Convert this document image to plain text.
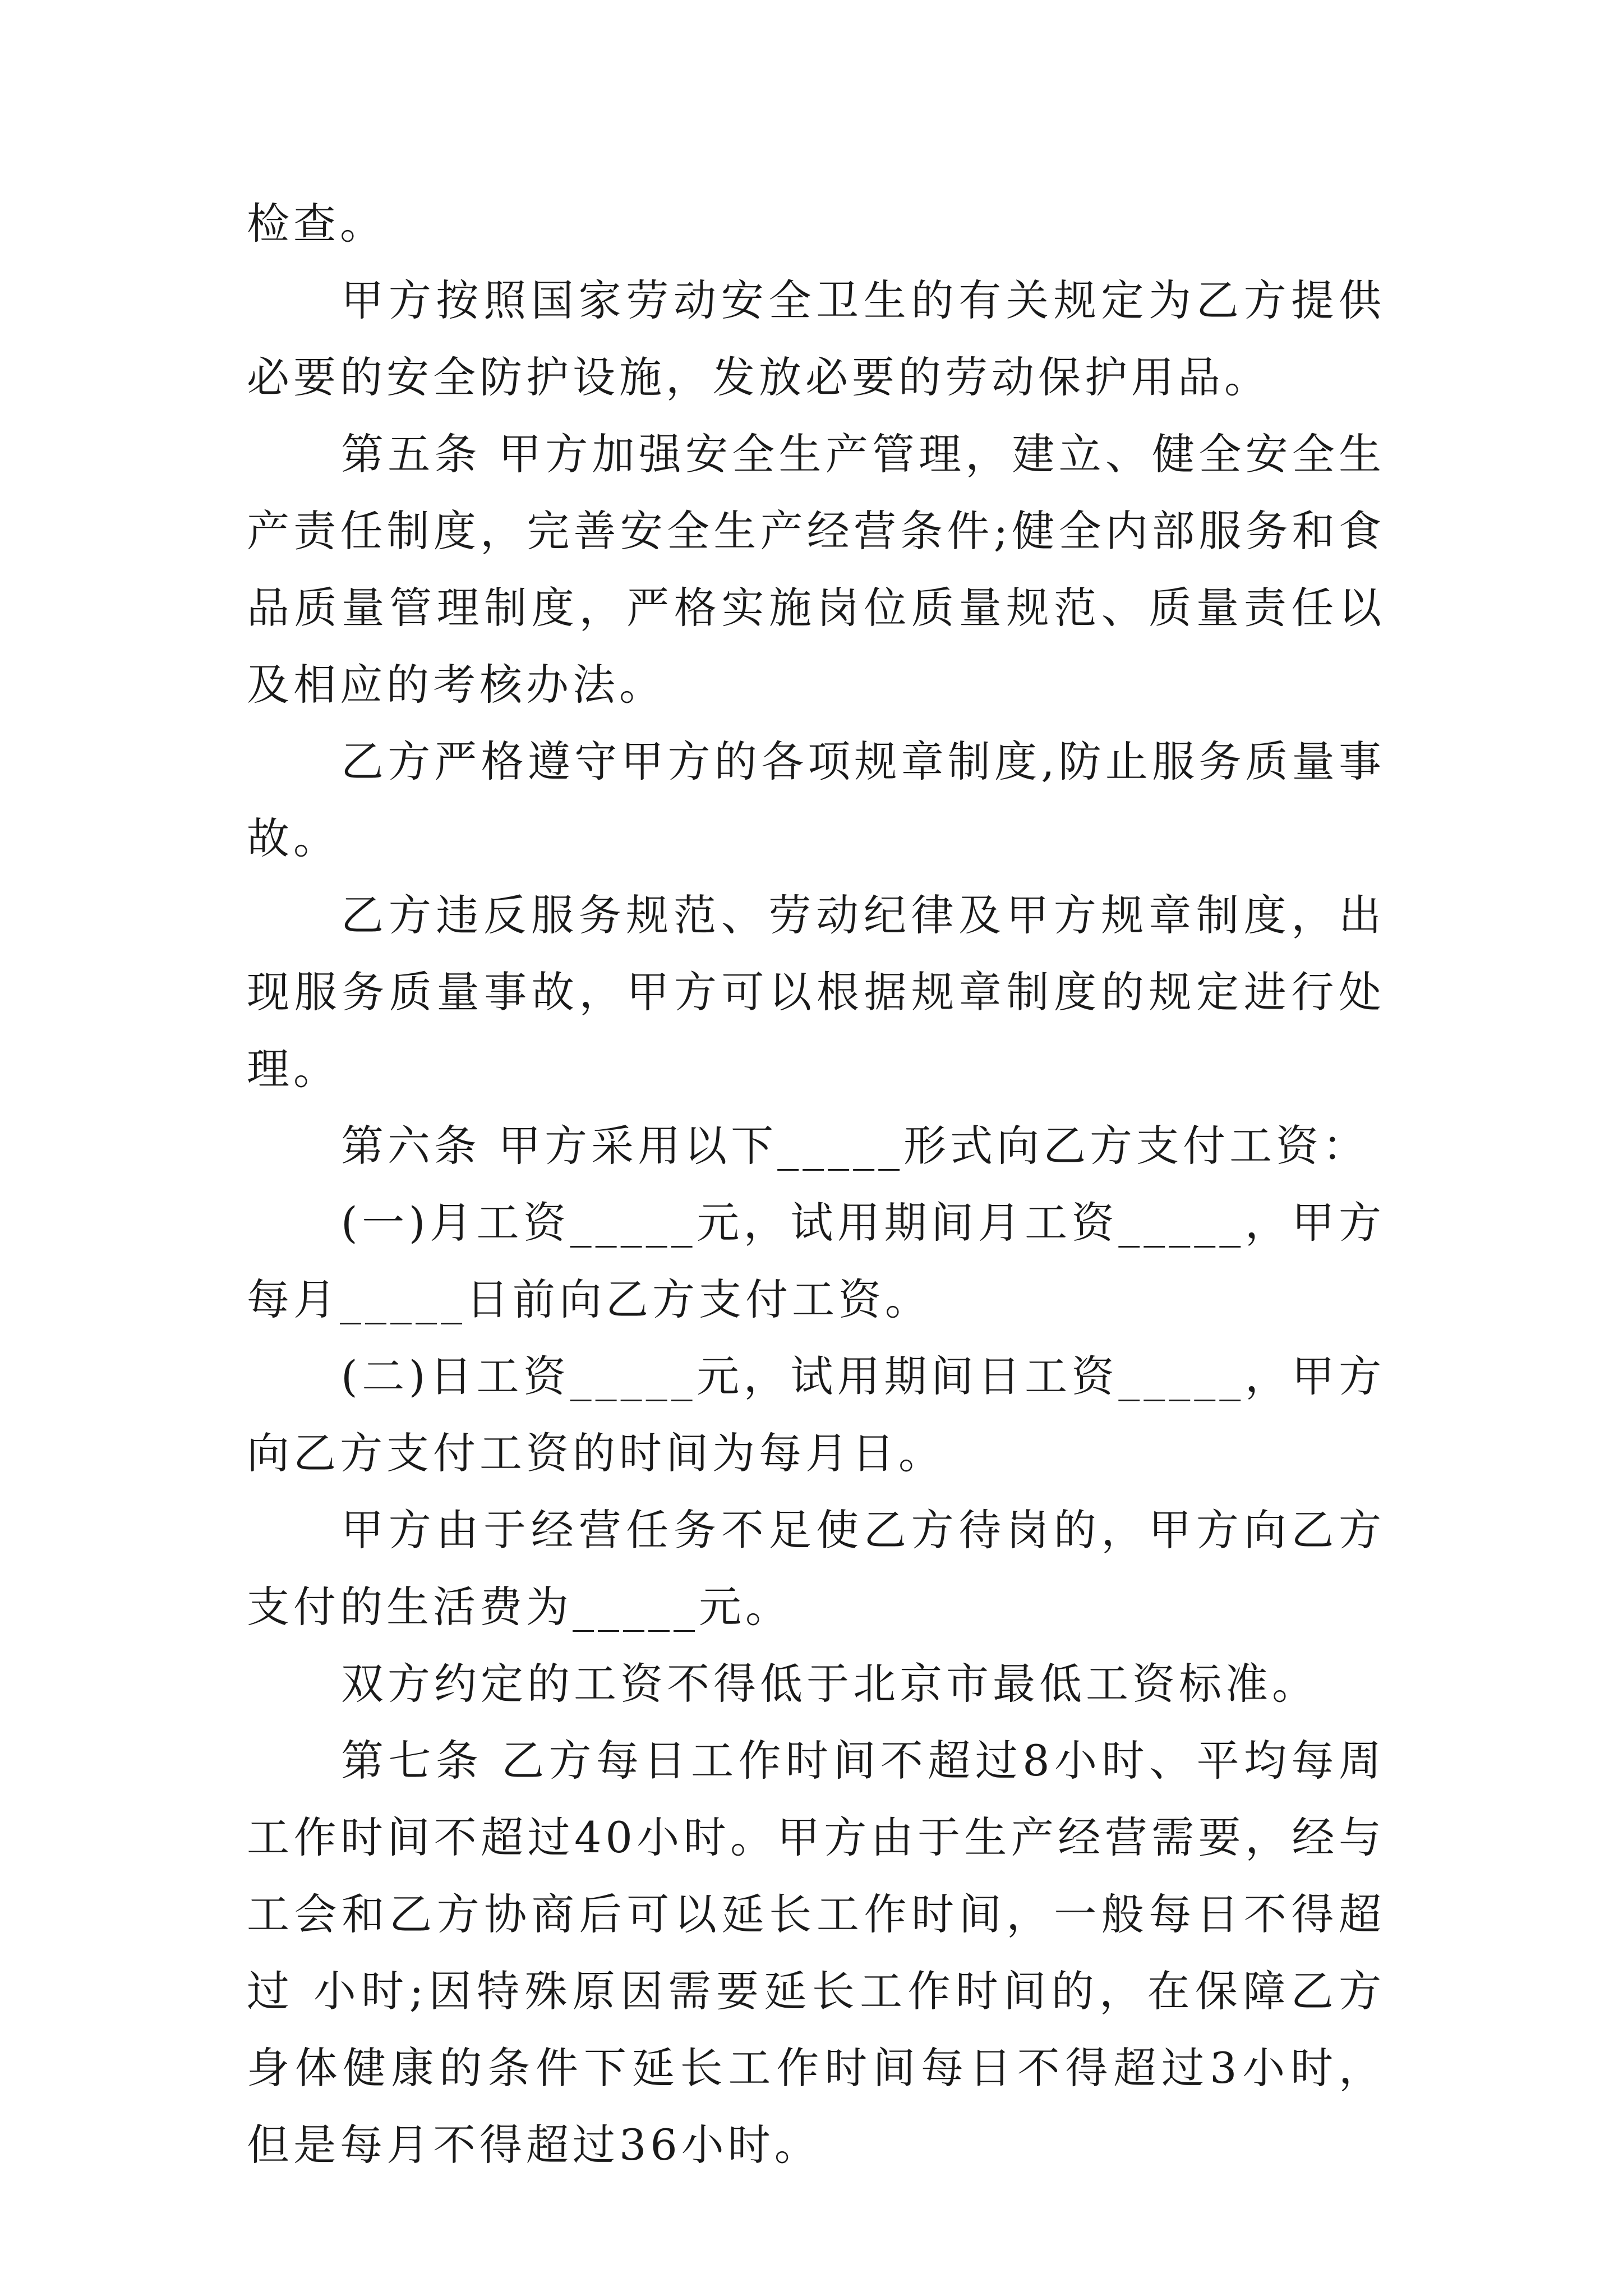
检查。

甲方按照国家劳动安全卫生的有关规定为乙方提供必要的安全防护设施，发放必要的劳动保护用品。

第五条 甲方加强安全生产管理，建立、健全安全生产责任制度，完善安全生产经营条件;健全内部服务和食品质量管理制度，严格实施岗位质量规范、质量责任以及相应的考核办法。

乙方严格遵守甲方的各项规章制度,防止服务质量事故。

乙方违反服务规范、劳动纪律及甲方规章制度，出现服务质量事故，甲方可以根据规章制度的规定进行处理。

第六条 甲方采用以下_____形式向乙方支付工资：

(一)月工资_____元，试用期间月工资_____，甲方每月_____日前向乙方支付工资。

(二)日工资_____元，试用期间日工资_____，甲方向乙方支付工资的时间为每月日。

甲方由于经营任务不足使乙方待岗的，甲方向乙方支付的生活费为_____元。

双方约定的工资不得低于北京市最低工资标准。

第七条 乙方每日工作时间不超过8小时、平均每周工作时间不超过40小时。甲方由于生产经营需要，经与工会和乙方协商后可以延长工作时间，一般每日不得超过 小时;因特殊原因需要延长工作时间的，在保障乙方身体健康的条件下延长工作时间每日不得超过3小时，但是每月不得超过36小时。
